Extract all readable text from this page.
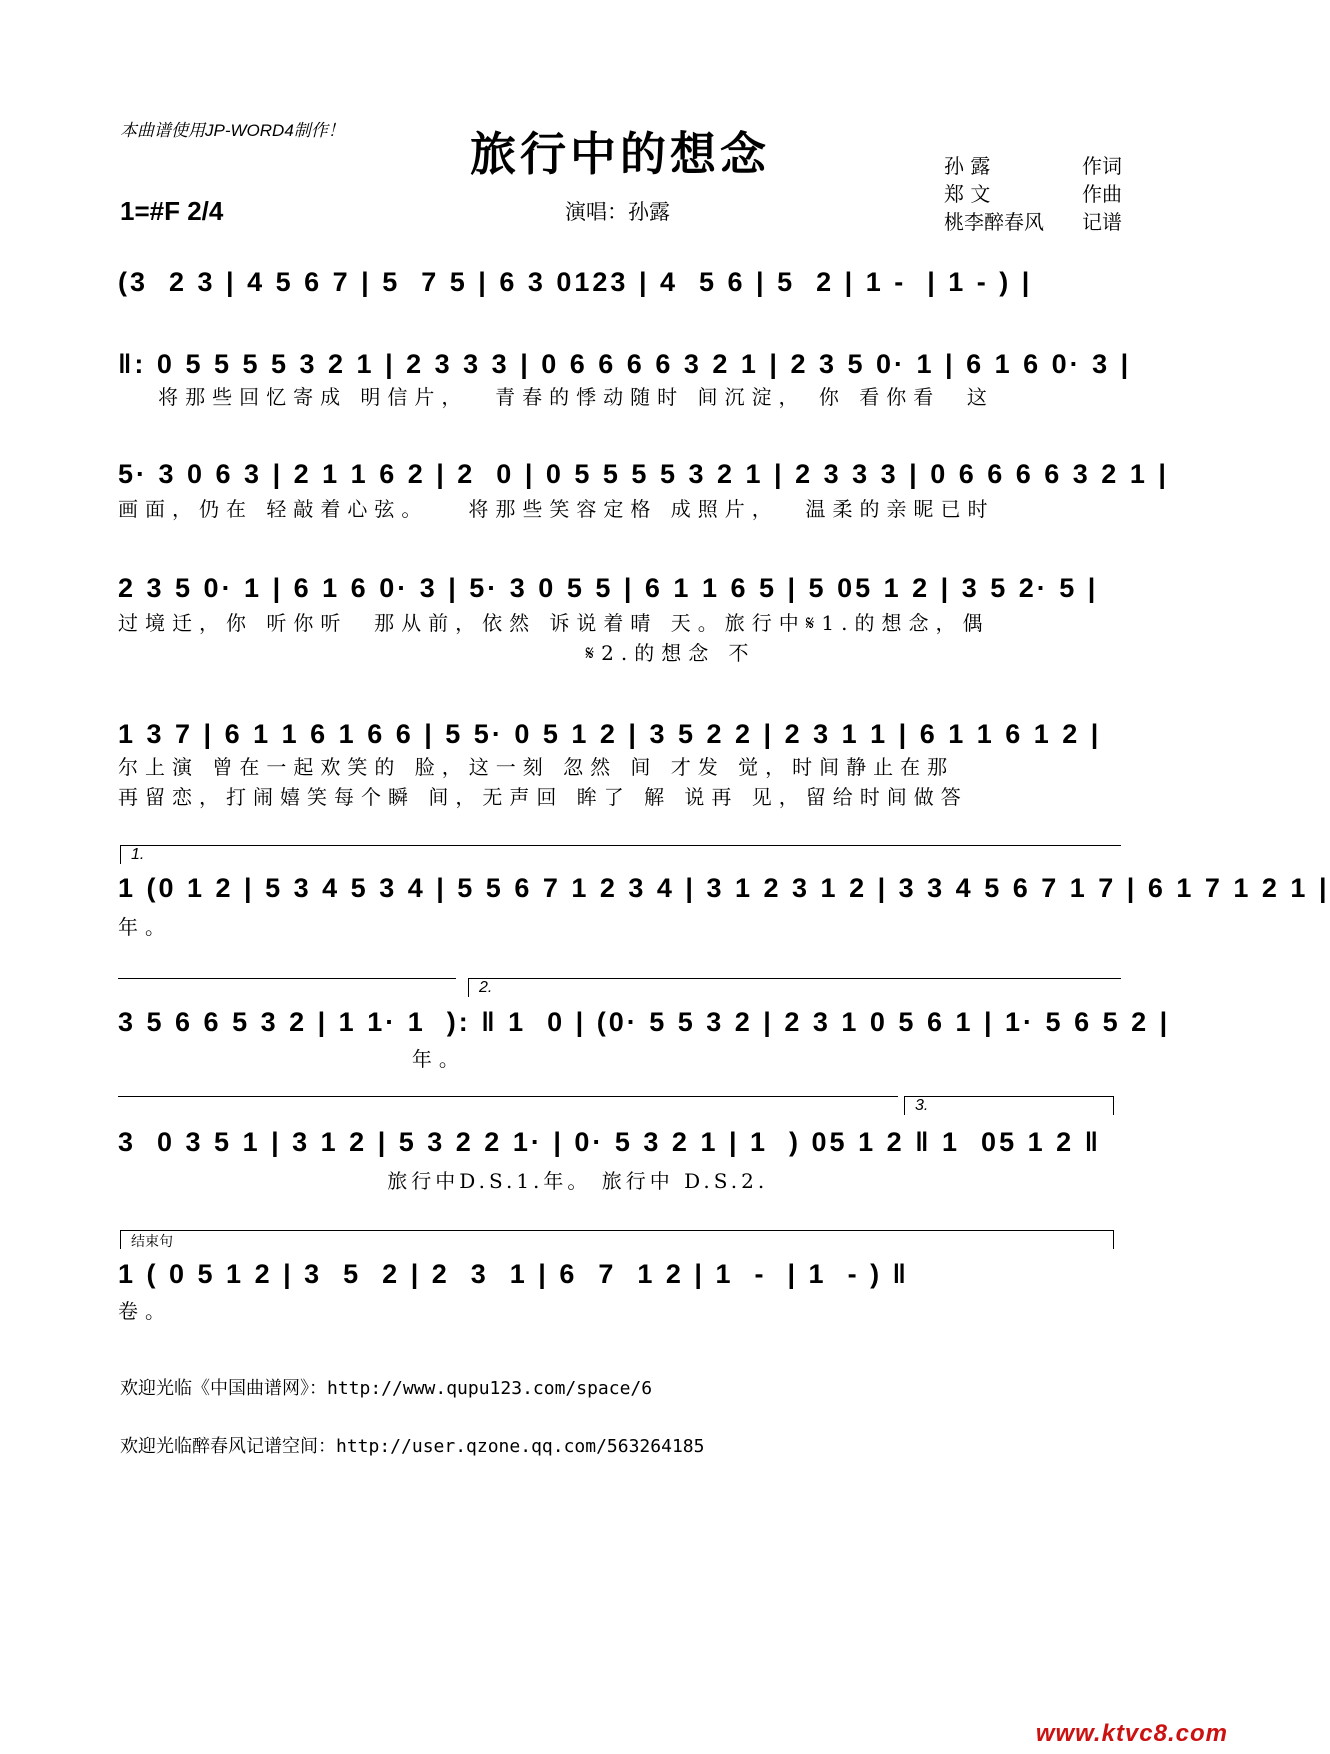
本曲谱使用JP-WORD4制作！	旅行中的想念	孙 露	作词
郑 文	作曲
桃李醉春风 记谱
1=#F 2/4	演唱：孙露
(3  2 3 | 4 5 6 7 | 5  7 5 | 6 3 0123 | 4  5 6 | 5  2 | 1 -  | 1 - ) |
‖: 0 5 5 5 5 3 2 1 | 2 3 3 3 | 0 6 6 6 6 3 2 1 | 2 3 5 0· 1 | 6 1 6 0· 3 |
将那些回忆寄成 明信片，  青春的悸动随时 间沉淀， 你 看你看  这
5· 3 0 6 3 | 2 1 1 6 2 | 2  0 | 0 5 5 5 5 3 2 1 | 2 3 3 3 | 0 6 6 6 6 3 2 1 |
画面，仍在 轻敲着心弦。   将那些笑容定格 成照片，  温柔的亲昵已时
2 3 5 0· 1 | 6 1 6 0· 3 | 5· 3 0 5 5 | 6 1 1 6 5 | 5 05 1 2 | 3 5 2· 5 |
过境迁，你 听你听  那从前，依然 诉说着晴 天。旅行中𝄋1.的想念，偶
𝄋2.的想念 不
1 3 7 | 6 1 1 6 1 6 6 | 5 5· 0 5 1 2 | 3 5 2 2 | 2 3 1 1 | 6 1 1 6 1 2 |
尔上演 曾在一起欢笑的 脸，这一刻 忽然 间 才发 觉，时间静止在那
再留恋，打闹嬉笑每个瞬 间，无声回 眸了 解 说再 见，留给时间做答
1.
1 (0 1 2 | 5 3 4 5 3 4 | 5 5 6 7 1 2 3 4 | 3 1 2 3 1 2 | 3 3 4 5 6 7 1 7 | 6 1 7 1 2 1 |
年。
2.
3 5 6 6 5 3 2 | 1 1· 1  ): ‖ 1  0 | (0· 5 5 3 2 | 2 3 1 0 5 6 1 | 1· 5 6 5 2 |
年。
3.
3  0 3 5 1 | 3 1 2 | 5 3 2 2 1· | 0· 5 3 2 1 | 1  ) 05 1 2 ‖ 1  05 1 2 ‖
旅行中D.S.1.年。 旅行中 D.S.2.
结束句
1 ( 0 5 1 2 | 3  5  2 | 2  3  1 | 6  7  1 2 | 1  -  | 1  - ) ‖
卷。
欢迎光临《中国曲谱网》：http://www.qupu123.com/space/6
欢迎光临醉春风记谱空间：http://user.qzone.qq.com/563264185
www.ktvc8.com
